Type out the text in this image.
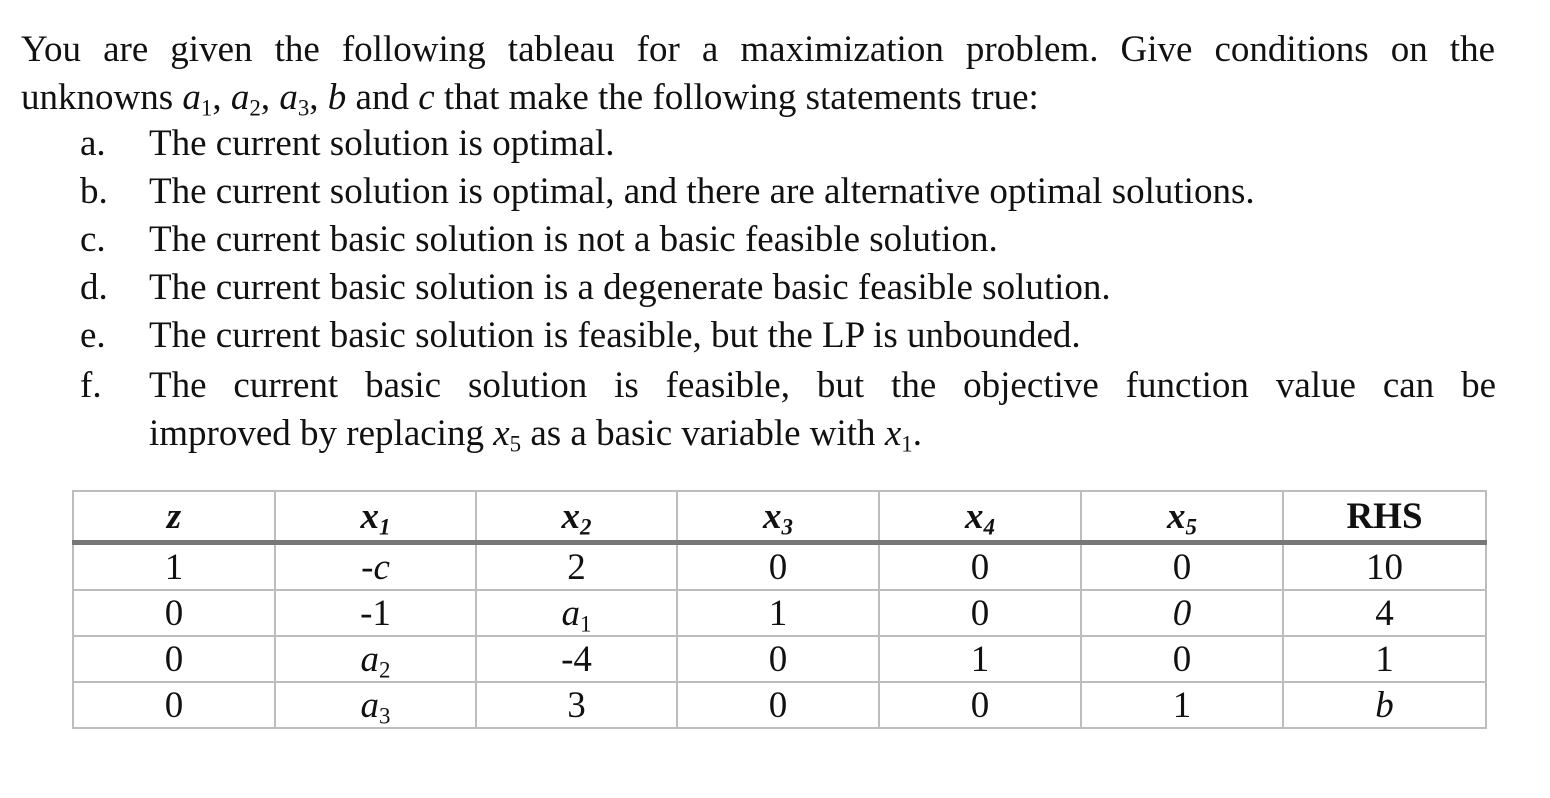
You are given the following tableau for a maximization problem. Give conditions on the
unknowns $a_1$, $a_2$, $a_3$, b and c that make the following statements true:
a.	The current solution is optimal.
b.	The current solution is optimal, and there are alternative optimal solutions.
c.	The current basic solution is not a basic feasible solution.
d.	The current basic solution is a degenerate basic feasible solution.
e.	The current basic solution is feasible, but the LP is unbounded.
f.	The current basic solution is feasible, but the objective function value can be
improved by replacing $x_5$ as a basic variable with $x_1$.
z	$x_1$	$x_2$	$x_3$	$x_4$	$x_5$	RHS
1	-c	2	0	0	0	10
0	-1	$a_1$	1	0	0	4
0	$a_2$	-4	0	1	0	1
0	$a_3$	3	0	0	1	b
